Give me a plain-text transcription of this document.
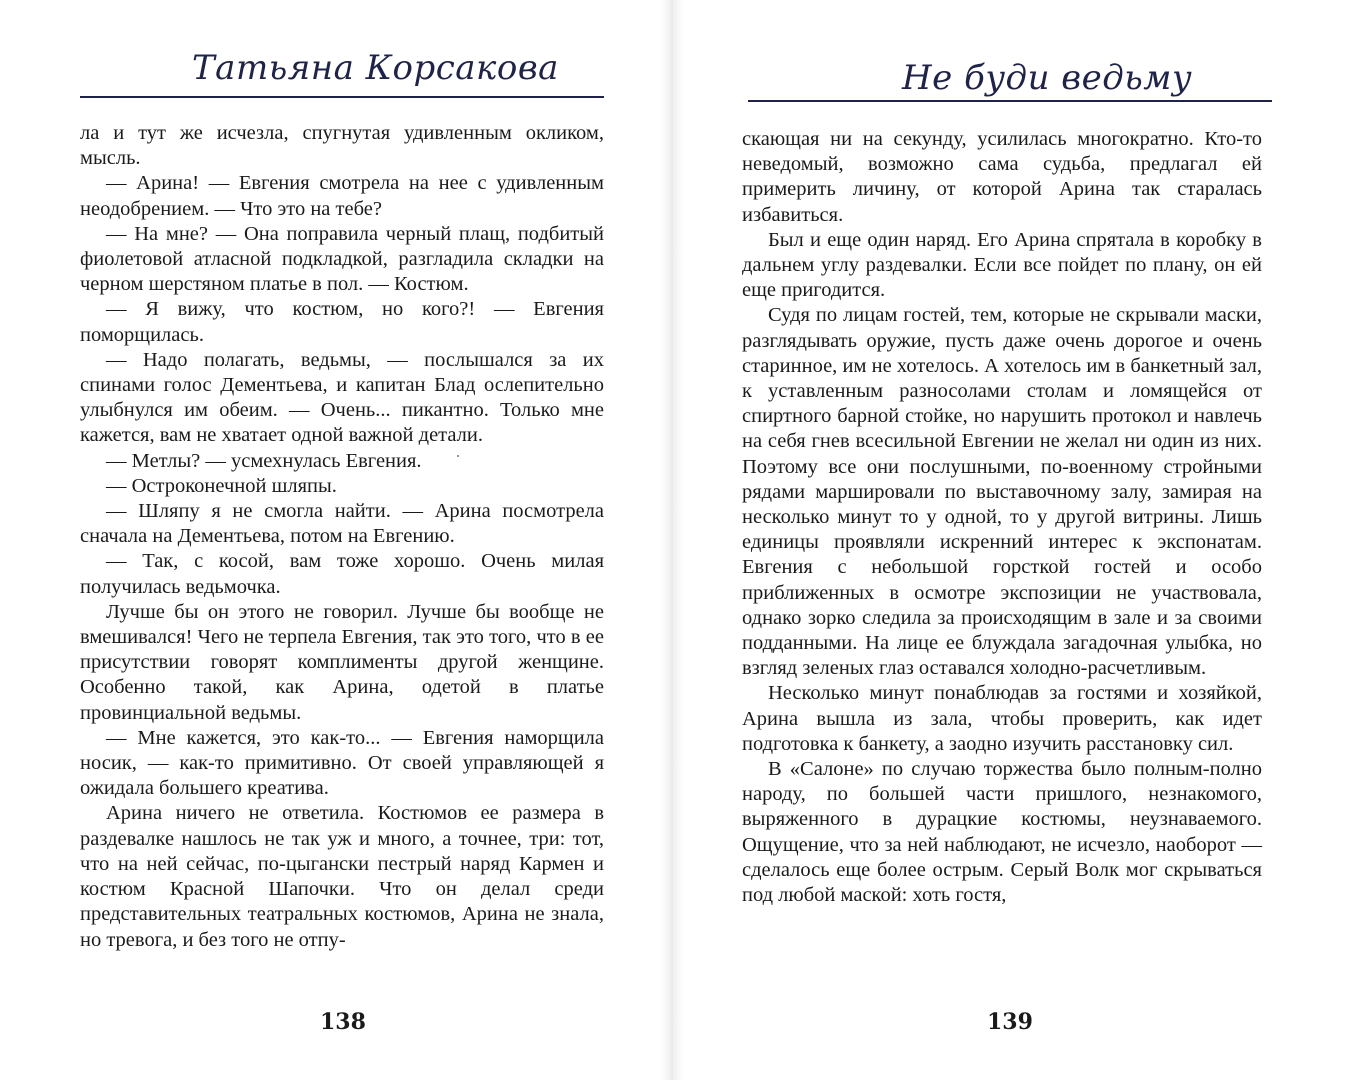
Татьяна Корсакова

ла и тут же исчезла, спугнутая удивленным окликом, мысль.

— Арина! — Евгения смотрела на нее с удивленным неодобрением. — Что это на тебе?

— На мне? — Она поправила черный плащ, подбитый фиолетовой атласной подкладкой, разгладила складки на черном шерстяном платье в пол. — Костюм.

— Я вижу, что костюм, но кого?! — Евгения поморщилась.

— Надо полагать, ведьмы, — послышался за их спинами голос Дементьева, и капитан Блад ослепительно улыбнулся им обеим. — Очень... пикантно. Только мне кажется, вам не хватает одной важной детали.

— Метлы? — усмехнулась Евгения.

— Остроконечной шляпы.

— Шляпу я не смогла найти. — Арина посмотрела сначала на Дементьева, потом на Евгению.

— Так, с косой, вам тоже хорошо. Очень милая получилась ведьмочка.

Лучше бы он этого не говорил. Лучше бы вообще не вмешивался! Чего не терпела Евгения, так это того, что в ее присутствии говорят комплименты другой женщине. Особенно такой, как Арина, одетой в платье провинциальной ведьмы.

— Мне кажется, это как-то... — Евгения наморщила носик, — как-то примитивно. От своей управляющей я ожидала большего креатива.

Арина ничего не ответила. Костюмов ее размера в раздевалке нашлось не так уж и много, а точнее, три: тот, что на ней сейчас, по-цыгански пестрый наряд Кармен и костюм Красной Шапочки. Что он делал среди представительных театральных костюмов, Арина не знала, но тревога, и без того не отпу-

138
Не буди ведьму

скающая ни на секунду, усилилась многократно. Кто-то неведомый, возможно сама судьба, предлагал ей примерить личину, от которой Арина так старалась избавиться.

Был и еще один наряд. Его Арина спрятала в коробку в дальнем углу раздевалки. Если все пойдет по плану, он ей еще пригодится.

Судя по лицам гостей, тем, которые не скрывали маски, разглядывать оружие, пусть даже очень дорогое и очень старинное, им не хотелось. А хотелось им в банкетный зал, к уставленным разносолами столам и ломящейся от спиртного барной стойке, но нарушить протокол и навлечь на себя гнев всесильной Евгении не желал ни один из них. Поэтому все они послушными, по-военному стройными рядами маршировали по выставочному залу, замирая на несколько минут то у одной, то у другой витрины. Лишь единицы проявляли искренний интерес к экспонатам. Евгения с небольшой горсткой гостей и особо приближенных в осмотре экспозиции не участвовала, однако зорко следила за происходящим в зале и за своими подданными. На лице ее блуждала загадочная улыбка, но взгляд зеленых глаз оставался холодно-расчетливым.

Несколько минут понаблюдав за гостями и хозяйкой, Арина вышла из зала, чтобы проверить, как идет подготовка к банкету, а заодно изучить расстановку сил.

В «Салоне» по случаю торжества было полным-полно народу, по большей части пришлого, незнакомого, выряженного в дурацкие костюмы, неузнаваемого. Ощущение, что за ней наблюдают, не исчезло, наоборот — сделалось еще более острым. Серый Волк мог скрываться под любой маской: хоть гостя,

139
